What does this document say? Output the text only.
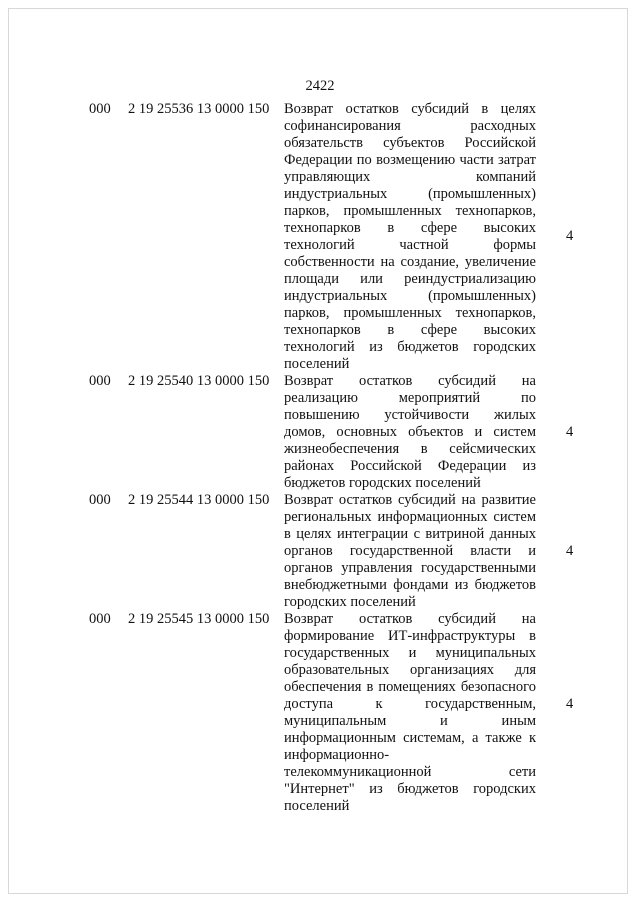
2422
000 2 19 25536 13 0000 150 Возврат остатков субсидий в целях софинансирования расходных обязательств субъектов Российской Федерации по возмещению части затрат управляющих компаний индустриальных (промышленных) парков, промышленных технопарков, технопарков в сфере высоких технологий частной формы собственности на создание, увеличение площади или реиндустриализацию индустриальных (промышленных) парков, промышленных технопарков, технопарков в сфере высоких технологий из бюджетов городских поселений
4
000 2 19 25540 13 0000 150 Возврат остатков субсидий на реализацию мероприятий по повышению устойчивости жилых домов, основных объектов и систем жизнеобеспечения в сейсмических районах Российской Федерации из бюджетов городских поселений
4
000 2 19 25544 13 0000 150 Возврат остатков субсидий на развитие региональных информационных систем в целях интеграции с витриной данных органов государственной власти и органов управления государственными внебюджетными фондами из бюджетов городских поселений
4
000 2 19 25545 13 0000 150 Возврат остатков субсидий на формирование ИТ-инфраструктуры в государственных и муниципальных образовательных организациях для обеспечения в помещениях безопасного доступа к государственным, муниципальным и иным информационным системам, а также к информационно-телекоммуникационной сети "Интернет" из бюджетов городских поселений
4
